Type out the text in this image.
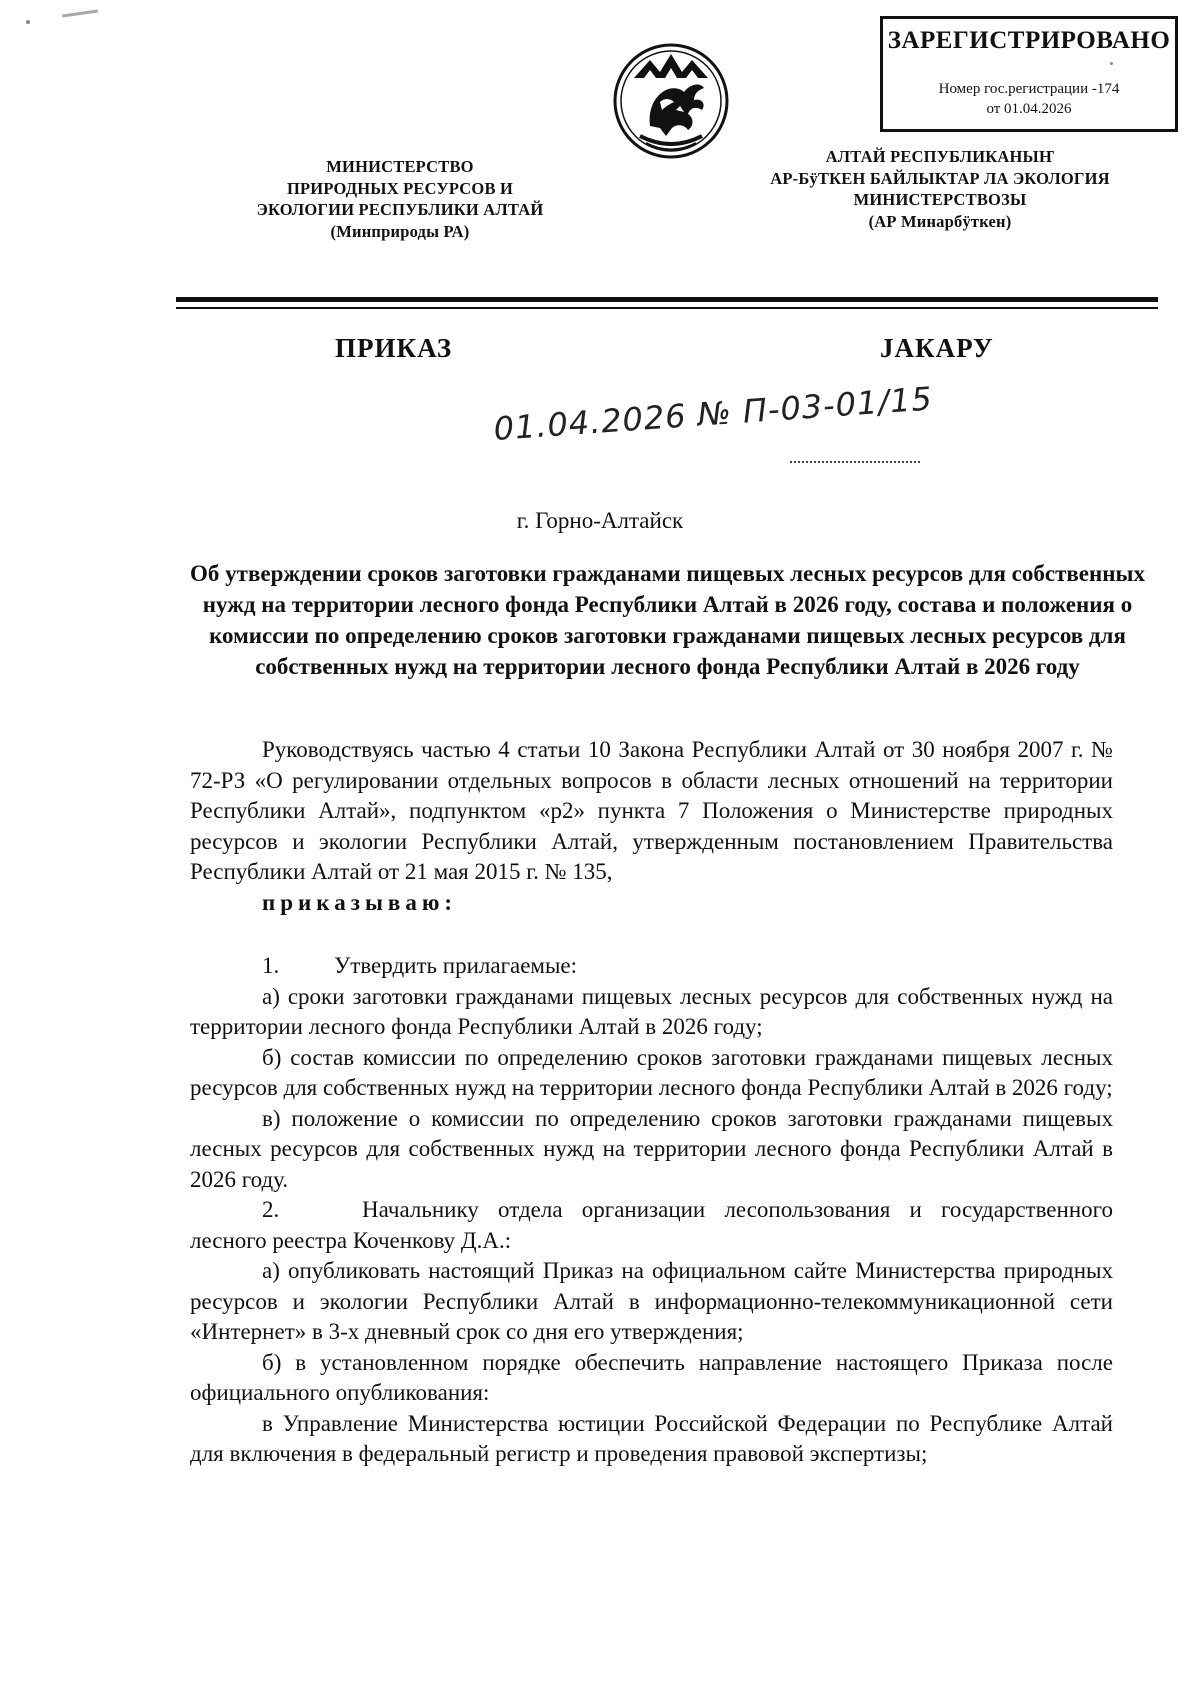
ЗАРЕГИСТРИРОВАНО
Номер гос.регистрации -174
от 01.04.2026
МИНИСТЕРСТВО
ПРИРОДНЫХ РЕСУРСОВ И
ЭКОЛОГИИ РЕСПУБЛИКИ АЛТАЙ
(Минприроды РА)
АЛТАЙ РЕСПУБЛИКАНЫҤ
АР-БÿТКЕН БАЙЛЫКТАР ЛА ЭКОЛОГИЯ
МИНИСТЕРСТВОЗЫ
(АР Минарбÿткен)
ПРИКАЗ	JАКАРУ
01.04.2026 № П-03-01/15
г. Горно-Алтайск
Об утверждении сроков заготовки гражданами пищевых лесных ресурсов для собственных нужд на территории лесного фонда Республики Алтай в 2026 году, состава и положения о комиссии по определению сроков заготовки гражданами пищевых лесных ресурсов для собственных нужд на территории лесного фонда Республики Алтай в 2026 году

Руководствуясь частью 4 статьи 10 Закона Республики Алтай от 30 ноября 2007 г. № 72-РЗ «О регулировании отдельных вопросов в области лесных отношений на территории Республики Алтай», подпунктом «р2» пункта 7 Положения о Министерстве природных ресурсов и экологии Республики Алтай, утвержденным постановлением Правительства Республики Алтай от 21 мая 2015 г. № 135,

приказываю:

1. Утвердить прилагаемые:

а) сроки заготовки гражданами пищевых лесных ресурсов для собственных нужд на территории лесного фонда Республики Алтай в 2026 году;

б) состав комиссии по определению сроков заготовки гражданами пищевых лесных ресурсов для собственных нужд на территории лесного фонда Республики Алтай в 2026 году;

в) положение о комиссии по определению сроков заготовки гражданами пищевых лесных ресурсов для собственных нужд на территории лесного фонда Республики Алтай в 2026 году.

2.	Начальнику отдела организации лесопользования и государственного лесного реестра Коченкову Д.А.:

а) опубликовать настоящий Приказ на официальном сайте Министерства природных ресурсов и экологии Республики Алтай в информационно-телекоммуникационной сети «Интернет» в 3-х дневный срок со дня его утверждения;

б) в установленном порядке обеспечить направление настоящего Приказа после официального опубликования:

в Управление Министерства юстиции Российской Федерации по Республике Алтай для включения в федеральный регистр и проведения правовой экспертизы;
